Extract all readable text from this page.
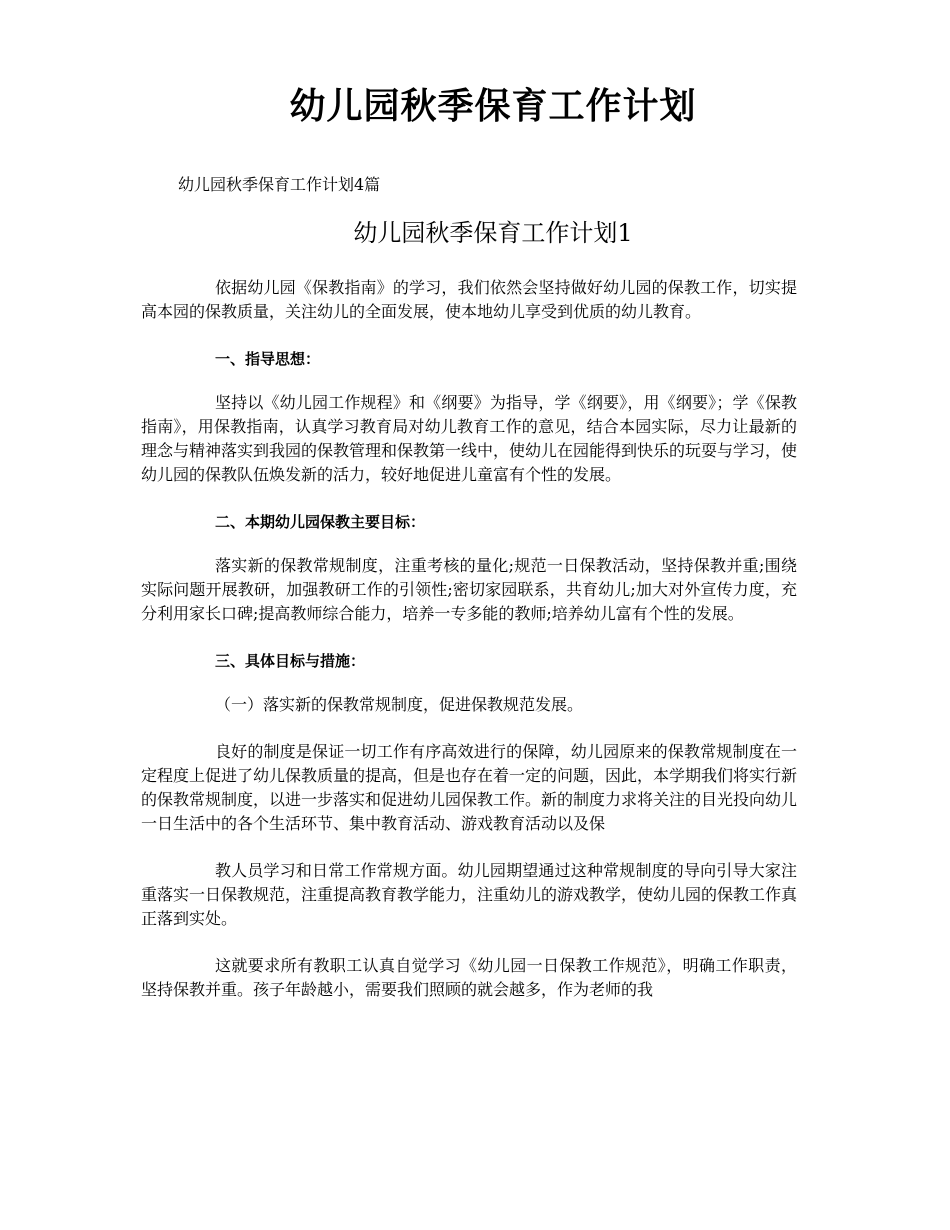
幼儿园秋季保育工作计划

幼儿园秋季保育工作计划4篇

幼儿园秋季保育工作计划1

依据幼儿园《保教指南》的学习，我们依然会坚持做好幼儿园的保教工作，切实提高本园的保教质量，关注幼儿的全面发展，使本地幼儿享受到优质的幼儿教育。

一、指导思想：

坚持以《幼儿园工作规程》和《纲要》为指导，学《纲要》，用《纲要》；学《保教指南》，用保教指南，认真学习教育局对幼儿教育工作的意见，结合本园实际，尽力让最新的理念与精神落实到我园的保教管理和保教第一线中，使幼儿在园能得到快乐的玩耍与学习，使幼儿园的保教队伍焕发新的活力，较好地促进儿童富有个性的发展。

二、本期幼儿园保教主要目标：

落实新的保教常规制度，注重考核的量化;规范一日保教活动，坚持保教并重;围绕实际问题开展教研，加强教研工作的引领性;密切家园联系，共育幼儿;加大对外宣传力度，充分利用家长口碑;提高教师综合能力，培养一专多能的教师;培养幼儿富有个性的发展。

三、具体目标与措施：

（一）落实新的保教常规制度，促进保教规范发展。

良好的制度是保证一切工作有序高效进行的保障，幼儿园原来的保教常规制度在一定程度上促进了幼儿保教质量的提高，但是也存在着一定的问题，因此，本学期我们将实行新的保教常规制度，以进一步落实和促进幼儿园保教工作。新的制度力求将关注的目光投向幼儿一日生活中的各个生活环节、集中教育活动、游戏教育活动以及保

教人员学习和日常工作常规方面。幼儿园期望通过这种常规制度的导向引导大家注重落实一日保教规范，注重提高教育教学能力，注重幼儿的游戏教学，使幼儿园的保教工作真正落到实处。

这就要求所有教职工认真自觉学习《幼儿园一日保教工作规范》，明确工作职责，坚持保教并重。孩子年龄越小，需要我们照顾的就会越多，作为老师的我
